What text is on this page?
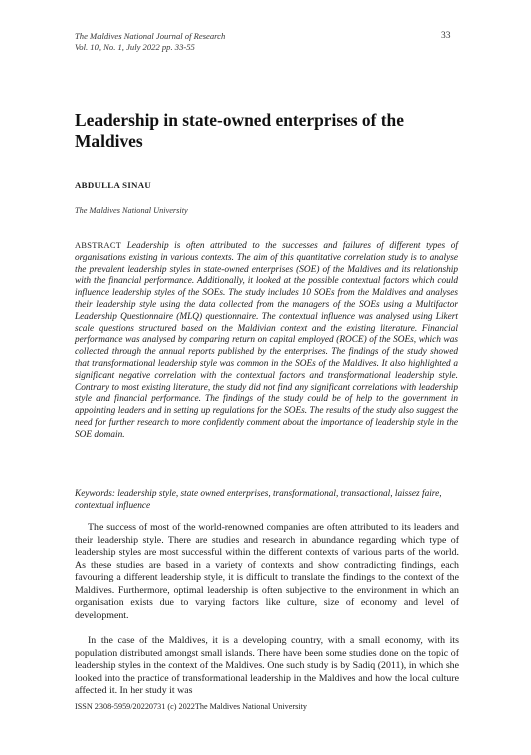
The Maldives National Journal of Research
Vol. 10, No. 1, July 2022 pp. 33-55
33
Leadership in state-owned enterprises of the Maldives
ABDULLA SINAU
The Maldives National University

ABSTRACT Leadership is often attributed to the successes and failures of different types of organisations existing in various contexts. The aim of this quantitative correlation study is to analyse the prevalent leadership styles in state-owned enterprises (SOE) of the Maldives and its relationship with the financial performance. Additionally, it looked at the possible contextual factors which could influence leadership styles of the SOEs. The study includes 10 SOEs from the Maldives and analyses their leadership style using the data collected from the managers of the SOEs using a Multifactor Leadership Questionnaire (MLQ) questionnaire. The contextual influence was analysed using Likert scale questions structured based on the Maldivian context and the existing literature. Financial performance was analysed by comparing return on capital employed (ROCE) of the SOEs, which was collected through the annual reports published by the enterprises. The findings of the study showed that transformational leadership style was common in the SOEs of the Maldives. It also highlighted a significant negative correlation with the contextual factors and transformational leadership style. Contrary to most existing literature, the study did not find any significant correlations with leadership style and financial performance. The findings of the study could be of help to the government in appointing leaders and in setting up regulations for the SOEs. The results of the study also suggest the need for further research to more confidently comment about the importance of leadership style in the SOE domain.

Keywords: leadership style, state owned enterprises, transformational, transactional, laissez faire, contextual influence

The success of most of the world-renowned companies are often attributed to its leaders and their leadership style. There are studies and research in abundance regarding which type of leadership styles are most successful within the different contexts of various parts of the world. As these studies are based in a variety of contexts and show contradicting findings, each favouring a different leadership style, it is difficult to translate the findings to the context of the Maldives. Furthermore, optimal leadership is often subjective to the environment in which an organisation exists due to varying factors like culture, size of economy and level of development.

In the case of the Maldives, it is a developing country, with a small economy, with its population distributed amongst small islands. There have been some studies done on the topic of leadership styles in the context of the Maldives. One such study is by Sadiq (2011), in which she looked into the practice of transformational leadership in the Maldives and how the local culture affected it. In her study it was

ISSN 2308-5959/20220731 (c) 2022The Maldives National University
